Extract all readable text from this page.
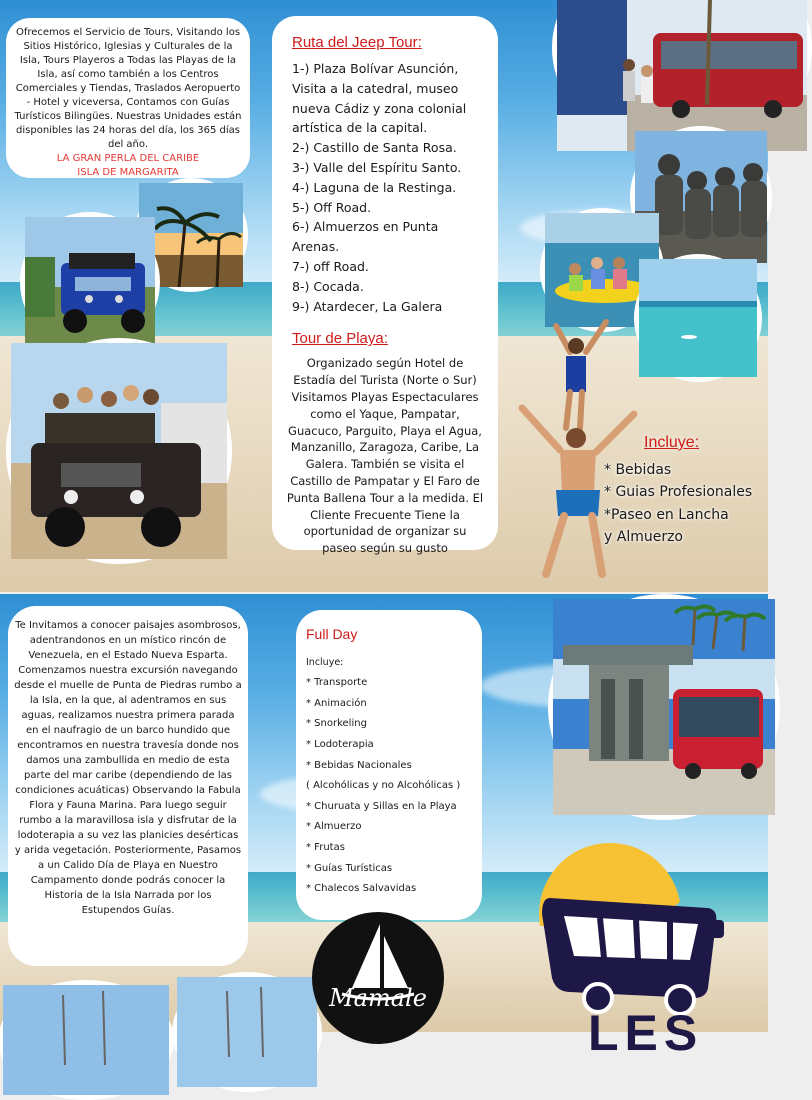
Ofrecemos el Servicio de Tours, Visitando los Sitios Histórico, Iglesias y Culturales de la Isla, Tours Playeros a Todas las Playas de la Isla, así como también a los Centros Comerciales y Tiendas, Traslados Aeropuerto - Hotel y viceversa, Contamos con Guías Turísticos Bilingües. Nuestras Unidades están disponibles las 24 horas del día, los 365 días del año.

LA GRAN PERLA DEL CARIBE

ISLA DE MARGARITA

Ruta del Jeep Tour:
1-) Plaza Bolívar Asunción, Visita a la catedral, museo nueva Cádiz y zona colonial artística de la capital.
2-) Castillo de Santa Rosa.
3-) Valle del Espíritu Santo.
4-) Laguna de la Restinga.
5-) Off Road.
6-) Almuerzos en Punta Arenas.
7-) off Road.
8-) Cocada.
9-) Atardecer, La Galera
Tour de Playa:

Organizado según Hotel de Estadía del Turista (Norte o Sur) Visitamos Playas Espectaculares como el Yaque, Pampatar, Guacuco, Parguito, Playa el Agua, Manzanillo, Zaragoza, Caribe, La Galera. También se visita el Castillo de Pampatar y El Faro de Punta Ballena Tour a la medida. El Cliente Frecuente Tiene la oportunidad de organizar su paseo según su gusto

Incluye:
* Bebidas
* Guias Profesionales
*Paseo en Lancha
y Almuerzo

Te Invitamos a conocer paisajes asombrosos, adentrandonos en un místico rincón de Venezuela, en el Estado Nueva Esparta. Comenzamos nuestra excursión navegando desde el muelle de Punta de Piedras rumbo a la Isla, en la que, al adentramos en sus aguas, realizamos nuestra primera parada en el naufragio de un barco hundido que encontramos en nuestra travesía donde nos damos una zambullida en medio de esta parte del mar caribe (dependiendo de las condiciones acuáticas) Observando la Fabula Flora y Fauna Marina. Para luego seguir rumbo a la maravillosa isla y disfrutar de la lodoterapia a su vez las planicies desérticas y arida vegetación. Posteriormente, Pasamos a un Calido Día de Playa en Nuestro Campamento donde podrás conocer la Historia de la Isla Narrada por los Estupendos Guías.

Full Day

Incluye:

* Transporte
* Animación
* Snorkeling
* Lodoterapia
* Bebidas Nacionales
( Alcohólicas y no Alcohólicas )
* Churuata y Sillas en la Playa
* Almuerzo
* Frutas
* Guías Turísticas
* Chalecos Salvavidas
Mamale
LES
